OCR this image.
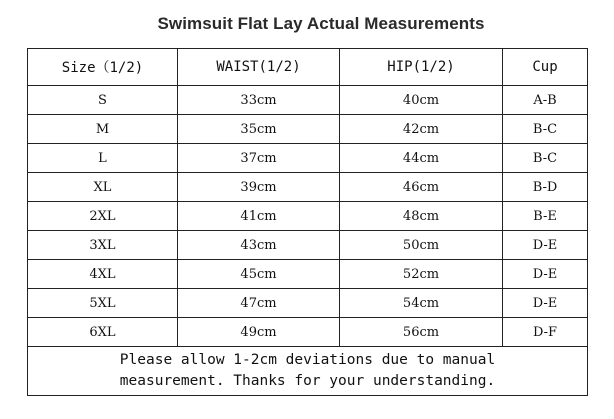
Swimsuit Flat Lay Actual Measurements
Size（1/2)	WAIST(1/2)	HIP(1/2)	Cup
S	33cm	40cm	A-B
M	35cm	42cm	B-C
L	37cm	44cm	B-C
XL	39cm	46cm	B-D
2XL	41cm	48cm	B-E
3XL	43cm	50cm	D-E
4XL	45cm	52cm	D-E
5XL	47cm	54cm	D-E
6XL	49cm	56cm	D-F

Please allow 1-2cm deviations due to manual
measurement. Thanks for your understanding.			
